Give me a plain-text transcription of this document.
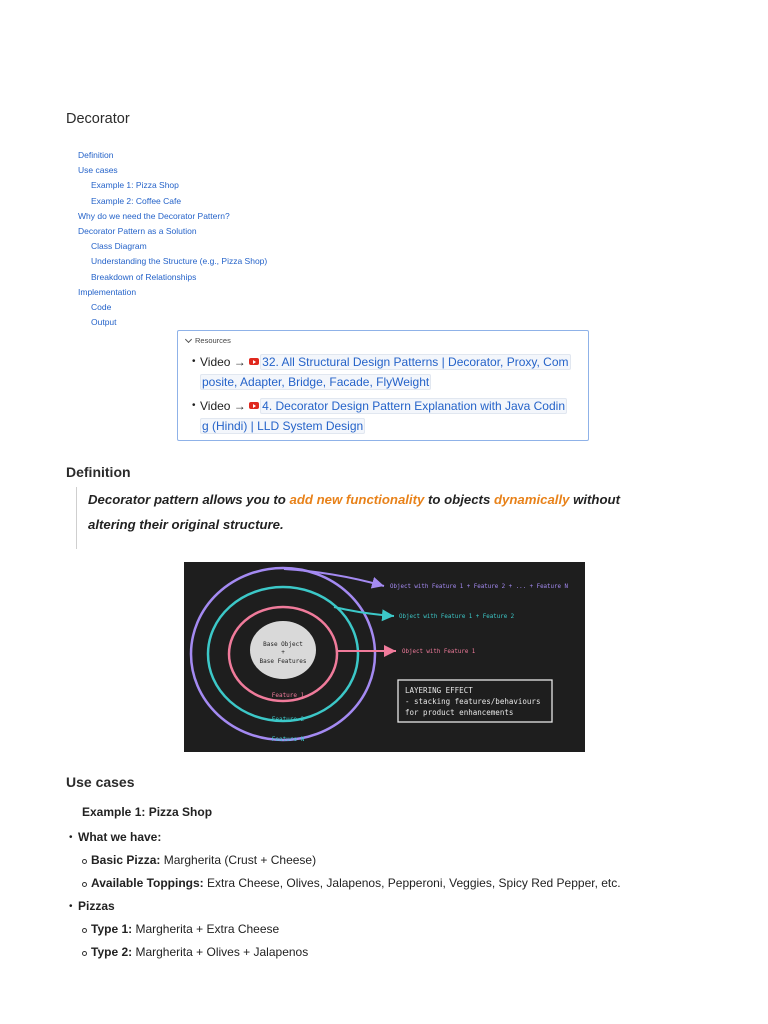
Decorator
Definition
Use cases
Example 1: Pizza Shop
Example 2: Coffee Cafe
Why do we need the Decorator Pattern?
Decorator Pattern as a Solution
Class Diagram
Understanding the Structure (e.g., Pizza Shop)
Breakdown of Relationships
Implementation
Code
Output
Resources
• Video → 32. All Structural Design Patterns | Decorator, Proxy, Com
posite, Adapter, Bridge, Facade, FlyWeight
• Video → 4. Decorator Design Pattern Explanation with Java Codin
g (Hindi) | LLD System Design
Definition

Decorator pattern allows you to add new functionality to objects dynamically without

altering their original structure.

Base Object
+
Base Features
Feature 1
Feature 2
Feature N
Object with Feature 1 + Feature 2 + ... + Feature N
Object with Feature 1 + Feature 2
Object with Feature 1
LAYERING EFFECT
- stacking features/behaviours
for product enhancements
Use cases
Example 1: Pizza Shop
• What we have:
Basic Pizza: Margherita (Crust + Cheese)
Available Toppings: Extra Cheese, Olives, Jalapenos, Pepperoni, Veggies, Spicy Red Pepper, etc.
• Pizzas
Type 1: Margherita + Extra Cheese
Type 2: Margherita + Olives + Jalapenos
